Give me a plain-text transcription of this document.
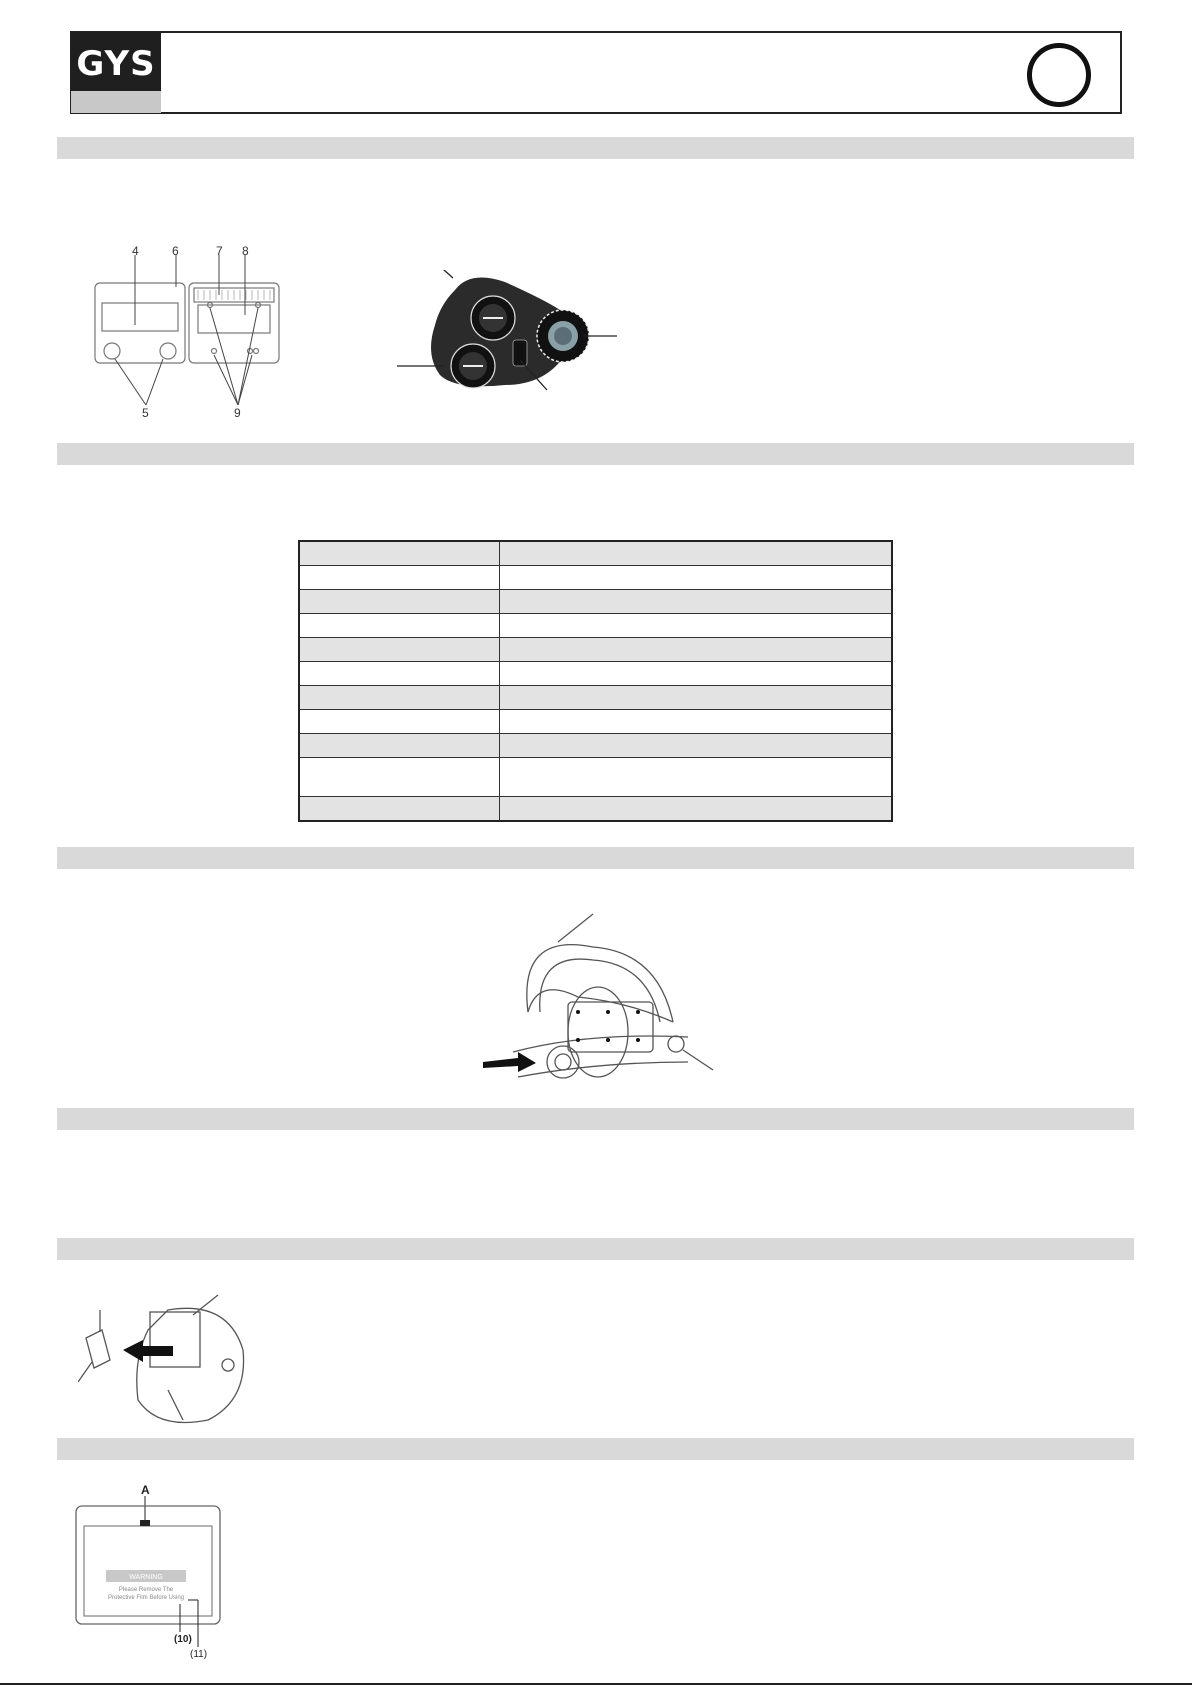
GYS
4	6	7 8
5	9

A
WARNING
Please Remove The
Protective Film Before Using
(10)
(11)
